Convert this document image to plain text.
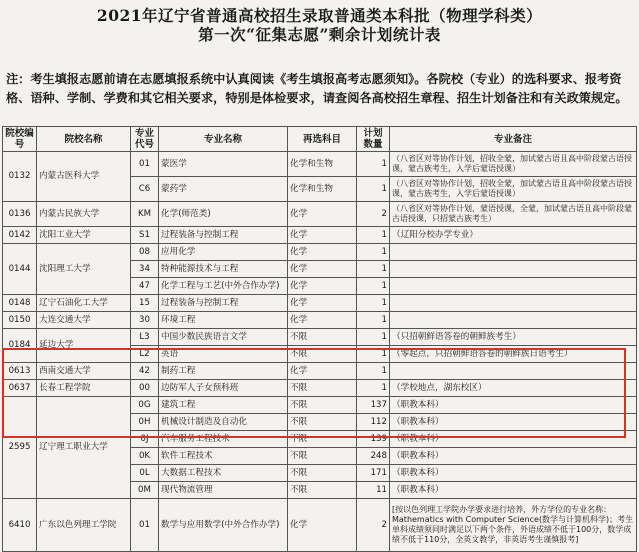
2021年辽宁省普通高校招生录取普通类本科批（物理学科类）
第一次“征集志愿”剩余计划统计表
注：考生填报志愿前请在志愿填报系统中认真阅读《考生填报高考志愿须知》。各院校（专业）的选科要求、报考资格、语种、学制、学费和其它相关要求，特别是体检要求，请查阅各高校招生章程、招生计划备注和有关政策规定。
院校编号	院校名称	专业代号	专业名称	再选科目	计划数量	专业备注
0132	内蒙古医科大学	01	蒙医学	化学和生物	1	（八省区对等协作计划，招收全蒙，加试蒙古语且高中阶段蒙古语授课，蒙古族考生，入学后蒙语授课）
		C6	蒙药学	化学和生物	1	（八省区对等协作计划，招收全蒙，加试蒙古语且高中阶段蒙古语授课，蒙古族考生，入学后蒙语授课）
0136	内蒙古民族大学	KM	化学(师范类)	化学	2	（八省区对等协作计划，蒙语授课，全蒙，加试蒙古语且高中阶段蒙古语授课，只招蒙古族考生）
0142	沈阳工业大学	S1	过程装备与控制工程	化学	1	（辽阳分校办学专业）
0144	沈阳理工大学	08	应用化学	化学	1	
		34	特种能源技术与工程	化学	1	
		47	化学工程与工艺(中外合作办学)	化学	1	
0148	辽宁石油化工大学	15	过程装备与控制工程	化学	1	
0150	大连交通大学	30	环境工程	化学	1	
0184	延边大学	L3	中国少数民族语言文学	不限	1	（只招朝鲜语答卷的朝鲜族考生）
		L2	英语	不限	1	（零起点，只招朝鲜语答卷的朝鲜族日语考生）
0613	西南交通大学	42	制药工程	化学	1	
0637	长春工程学院	00	边防军人子女预科班	不限	1	（学校地点，湖东校区）
2595	辽宁理工职业大学	0G	建筑工程	不限	137	（职教本科）
		0H	机械设计制造及自动化	不限	112	（职教本科）
		0J	汽车服务工程技术	不限	139	（职教本科）
		0K	软件工程技术	不限	248	（职教本科）
		0L	大数据工程技术	不限	171	（职教本科）
		0M	现代物流管理	不限	11	（职教本科）
6410	广东以色列理工学院	01	数学与应用数学(中外合作办学)	化学	2	[按以色列理工学院办学要求进行培养，外方学位的专业名称：Mathematics with Computer Science(数学与计算机科学)；考生单科成绩须同时满足以下两个条件，外语成绩不低于100分，数学成绩不低于110分，全英文教学，非英语考生谨慎报考]
